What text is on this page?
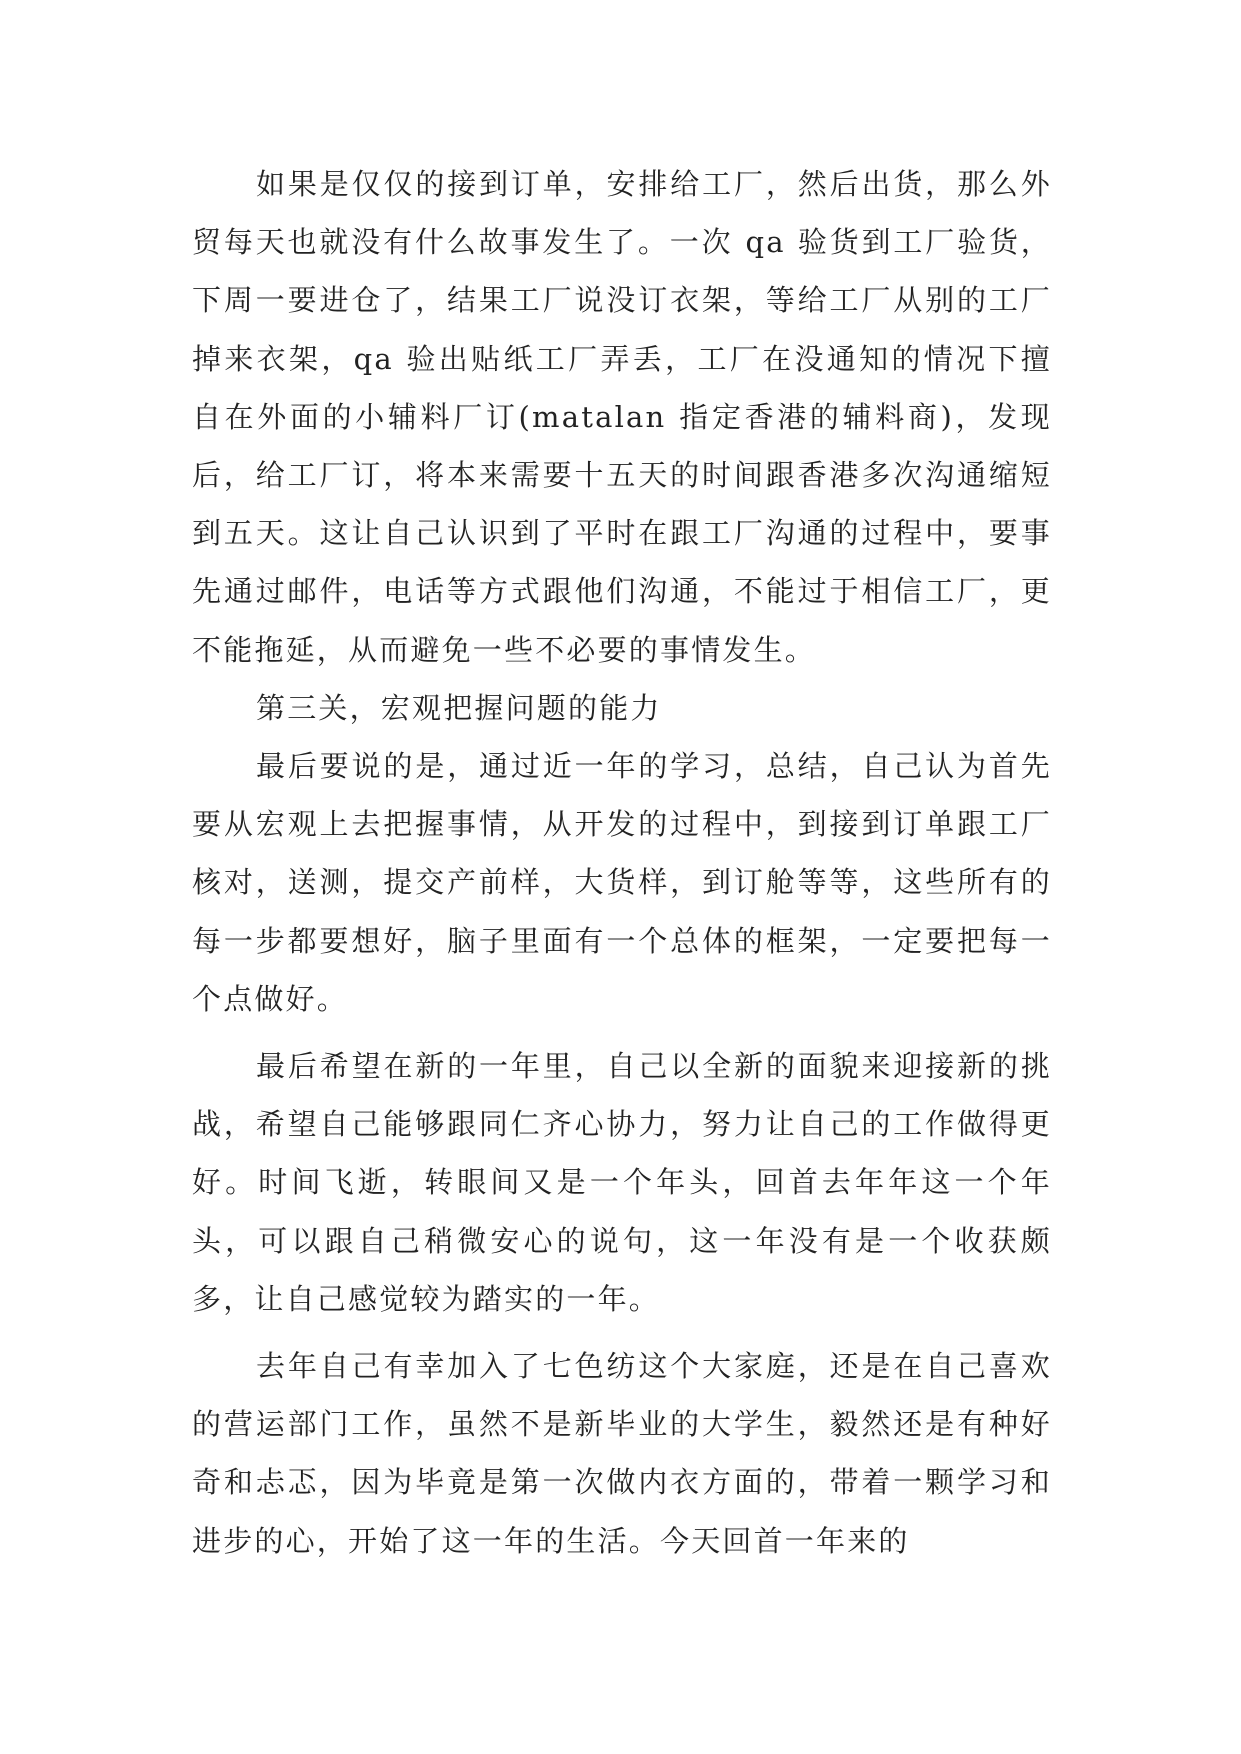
如果是仅仅的接到订单，安排给工厂，然后出货，那么外贸每天也就没有什么故事发生了。一次 qa 验货到工厂验货，下周一要进仓了，结果工厂说没订衣架，等给工厂从别的工厂掉来衣架，qa 验出贴纸工厂弄丢，工厂在没通知的情况下擅自在外面的小辅料厂订(matalan 指定香港的辅料商)，发现后，给工厂订，将本来需要十五天的时间跟香港多次沟通缩短到五天。这让自己认识到了平时在跟工厂沟通的过程中，要事先通过邮件，电话等方式跟他们沟通，不能过于相信工厂，更不能拖延，从而避免一些不必要的事情发生。

第三关，宏观把握问题的能力

最后要说的是，通过近一年的学习，总结，自己认为首先要从宏观上去把握事情，从开发的过程中，到接到订单跟工厂核对，送测，提交产前样，大货样，到订舱等等，这些所有的每一步都要想好，脑子里面有一个总体的框架，一定要把每一个点做好。

最后希望在新的一年里，自己以全新的面貌来迎接新的挑战，希望自己能够跟同仁齐心协力，努力让自己的工作做得更好。时间飞逝，转眼间又是一个年头，回首去年年这一个年头，可以跟自己稍微安心的说句，这一年没有是一个收获颇多，让自己感觉较为踏实的一年。

去年自己有幸加入了七色纺这个大家庭，还是在自己喜欢的营运部门工作，虽然不是新毕业的大学生，毅然还是有种好奇和忐忑，因为毕竟是第一次做内衣方面的，带着一颗学习和进步的心，开始了这一年的生活。今天回首一年来的
